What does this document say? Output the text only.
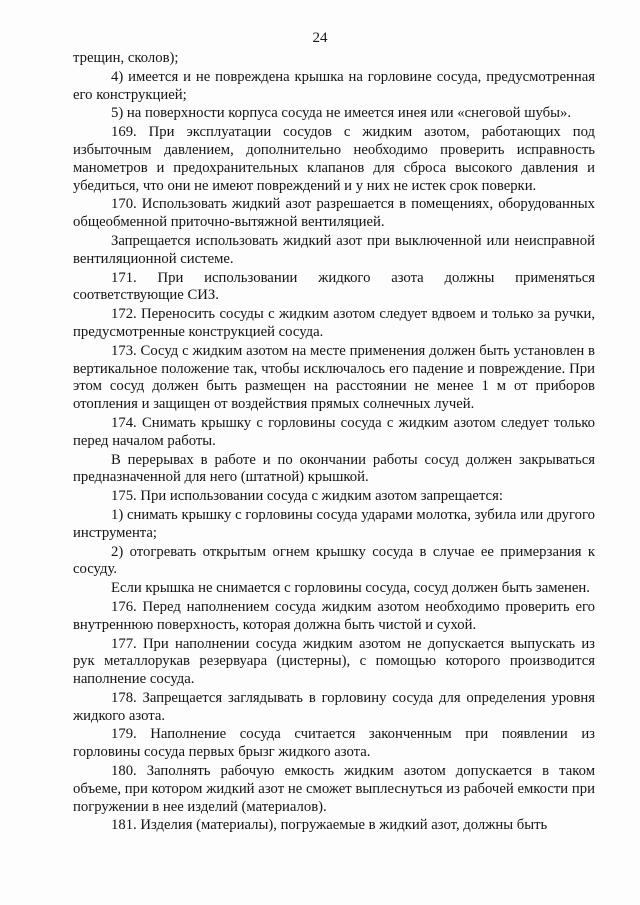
24

трещин, сколов);

4) имеется и не повреждена крышка на горловине сосуда, предусмотренная его конструкцией;

5) на поверхности корпуса сосуда не имеется инея или «снеговой шубы».

169. При эксплуатации сосудов с жидким азотом, работающих под избыточным давлением, дополнительно необходимо проверить исправность манометров и предохранительных клапанов для сброса высокого давления и убедиться, что они не имеют повреждений и у них не истек срок поверки.

170. Использовать жидкий азот разрешается в помещениях, оборудованных общеобменной приточно-вытяжной вентиляцией.

Запрещается использовать жидкий азот при выключенной или неисправной вентиляционной системе.

171. При использовании жидкого азота должны применяться соответствующие СИЗ.

172. Переносить сосуды с жидким азотом следует вдвоем и только за ручки, предусмотренные конструкцией сосуда.

173. Сосуд с жидким азотом на месте применения должен быть установлен в вертикальное положение так, чтобы исключалось его падение и повреждение. При этом сосуд должен быть размещен на расстоянии не менее 1 м от приборов отопления и защищен от воздействия прямых солнечных лучей.

174. Снимать крышку с горловины сосуда с жидким азотом следует только перед началом работы.

В перерывах в работе и по окончании работы сосуд должен закрываться предназначенной для него (штатной) крышкой.

175. При использовании сосуда с жидким азотом запрещается:

1) снимать крышку с горловины сосуда ударами молотка, зубила или другого инструмента;

2) отогревать открытым огнем крышку сосуда в случае ее примерзания к сосуду.

Если крышка не снимается с горловины сосуда, сосуд должен быть заменен.

176. Перед наполнением сосуда жидким азотом необходимо проверить его внутреннюю поверхность, которая должна быть чистой и сухой.

177. При наполнении сосуда жидким азотом не допускается выпускать из рук металлорукав резервуара (цистерны), с помощью которого производится наполнение сосуда.

178. Запрещается заглядывать в горловину сосуда для определения уровня жидкого азота.

179. Наполнение сосуда считается законченным при появлении из горловины сосуда первых брызг жидкого азота.

180. Заполнять рабочую емкость жидким азотом допускается в таком объеме, при котором жидкий азот не сможет выплеснуться из рабочей емкости при погружении в нее изделий (материалов).

181. Изделия (материалы), погружаемые в жидкий азот, должны быть
